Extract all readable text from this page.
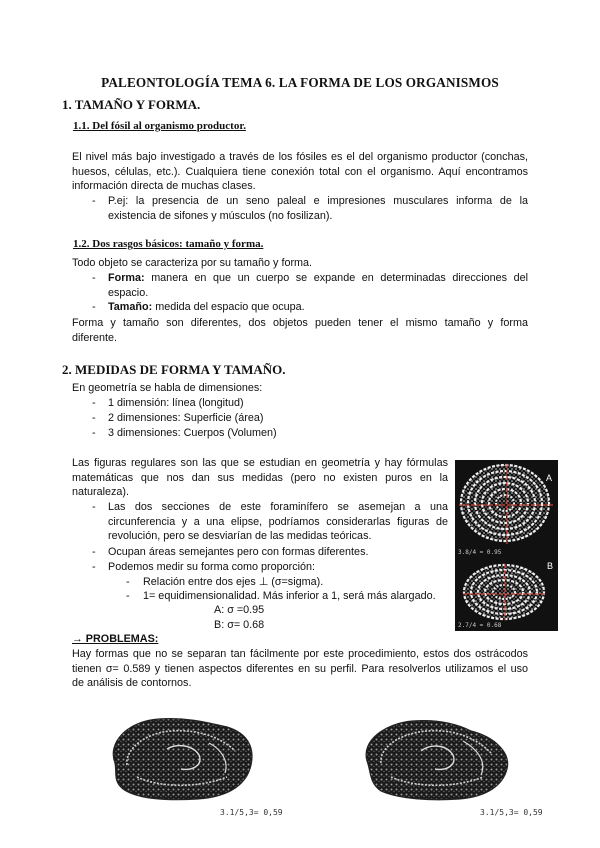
PALEONTOLOGÍA TEMA 6. LA FORMA DE LOS ORGANISMOS
1. TAMAÑO Y FORMA.
1.1. Del fósil al organismo productor.
El nivel más bajo investigado a través de los fósiles es el del organismo productor (conchas,
huesos, células, etc.). Cualquiera tiene conexión total con el organismo. Aquí encontramos
información directa de muchas clases.
- P.ej: la presencia de un seno paleal e impresiones musculares informa de la
existencia de sifones y músculos (no fosilizan).
1.2. Dos rasgos básicos: tamaño y forma.
Todo objeto se caracteriza por su tamaño y forma.
- Forma: manera en que un cuerpo se expande en determinadas direcciones del
espacio.
- Tamaño: medida del espacio que ocupa.
Forma y tamaño son diferentes, dos objetos pueden tener el mismo tamaño y forma
diferente.
2. MEDIDAS DE FORMA Y TAMAÑO.
En geometría se habla de dimensiones:
- 1 dimensión: línea (longitud)
- 2 dimensiones: Superficie (área)
- 3 dimensiones: Cuerpos (Volumen)
Las figuras regulares son las que se estudian en geometría y hay fórmulas
matemáticas que nos dan sus medidas (pero no existen puros en la
naturaleza).
- Las dos secciones de este foraminífero se asemejan a una
circunferencia y a una elipse, podríamos considerarlas figuras de
revolución, pero se desviarían de las medidas teóricas.
- Ocupan áreas semejantes pero con formas diferentes.
- Podemos medir su forma como proporción:
- Relación entre dos ejes ⊥ (σ=sigma).
- 1= equidimensionalidad. Más inferior a 1, será más alargado.
A: σ =0.95
B: σ= 0.68
→ PROBLEMAS:
Hay formas que no se separan tan fácilmente por este procedimiento, estos dos ostrácodos
tienen σ= 0.589 y tienen aspectos diferentes en su perfil. Para resolverlos utilizamos el uso
de análisis de contornos.
A
B
3.8/4 = 0.95
2.7/4 = 0.68
3.1/5,3= 0,59	3.1/5,3= 0,59
